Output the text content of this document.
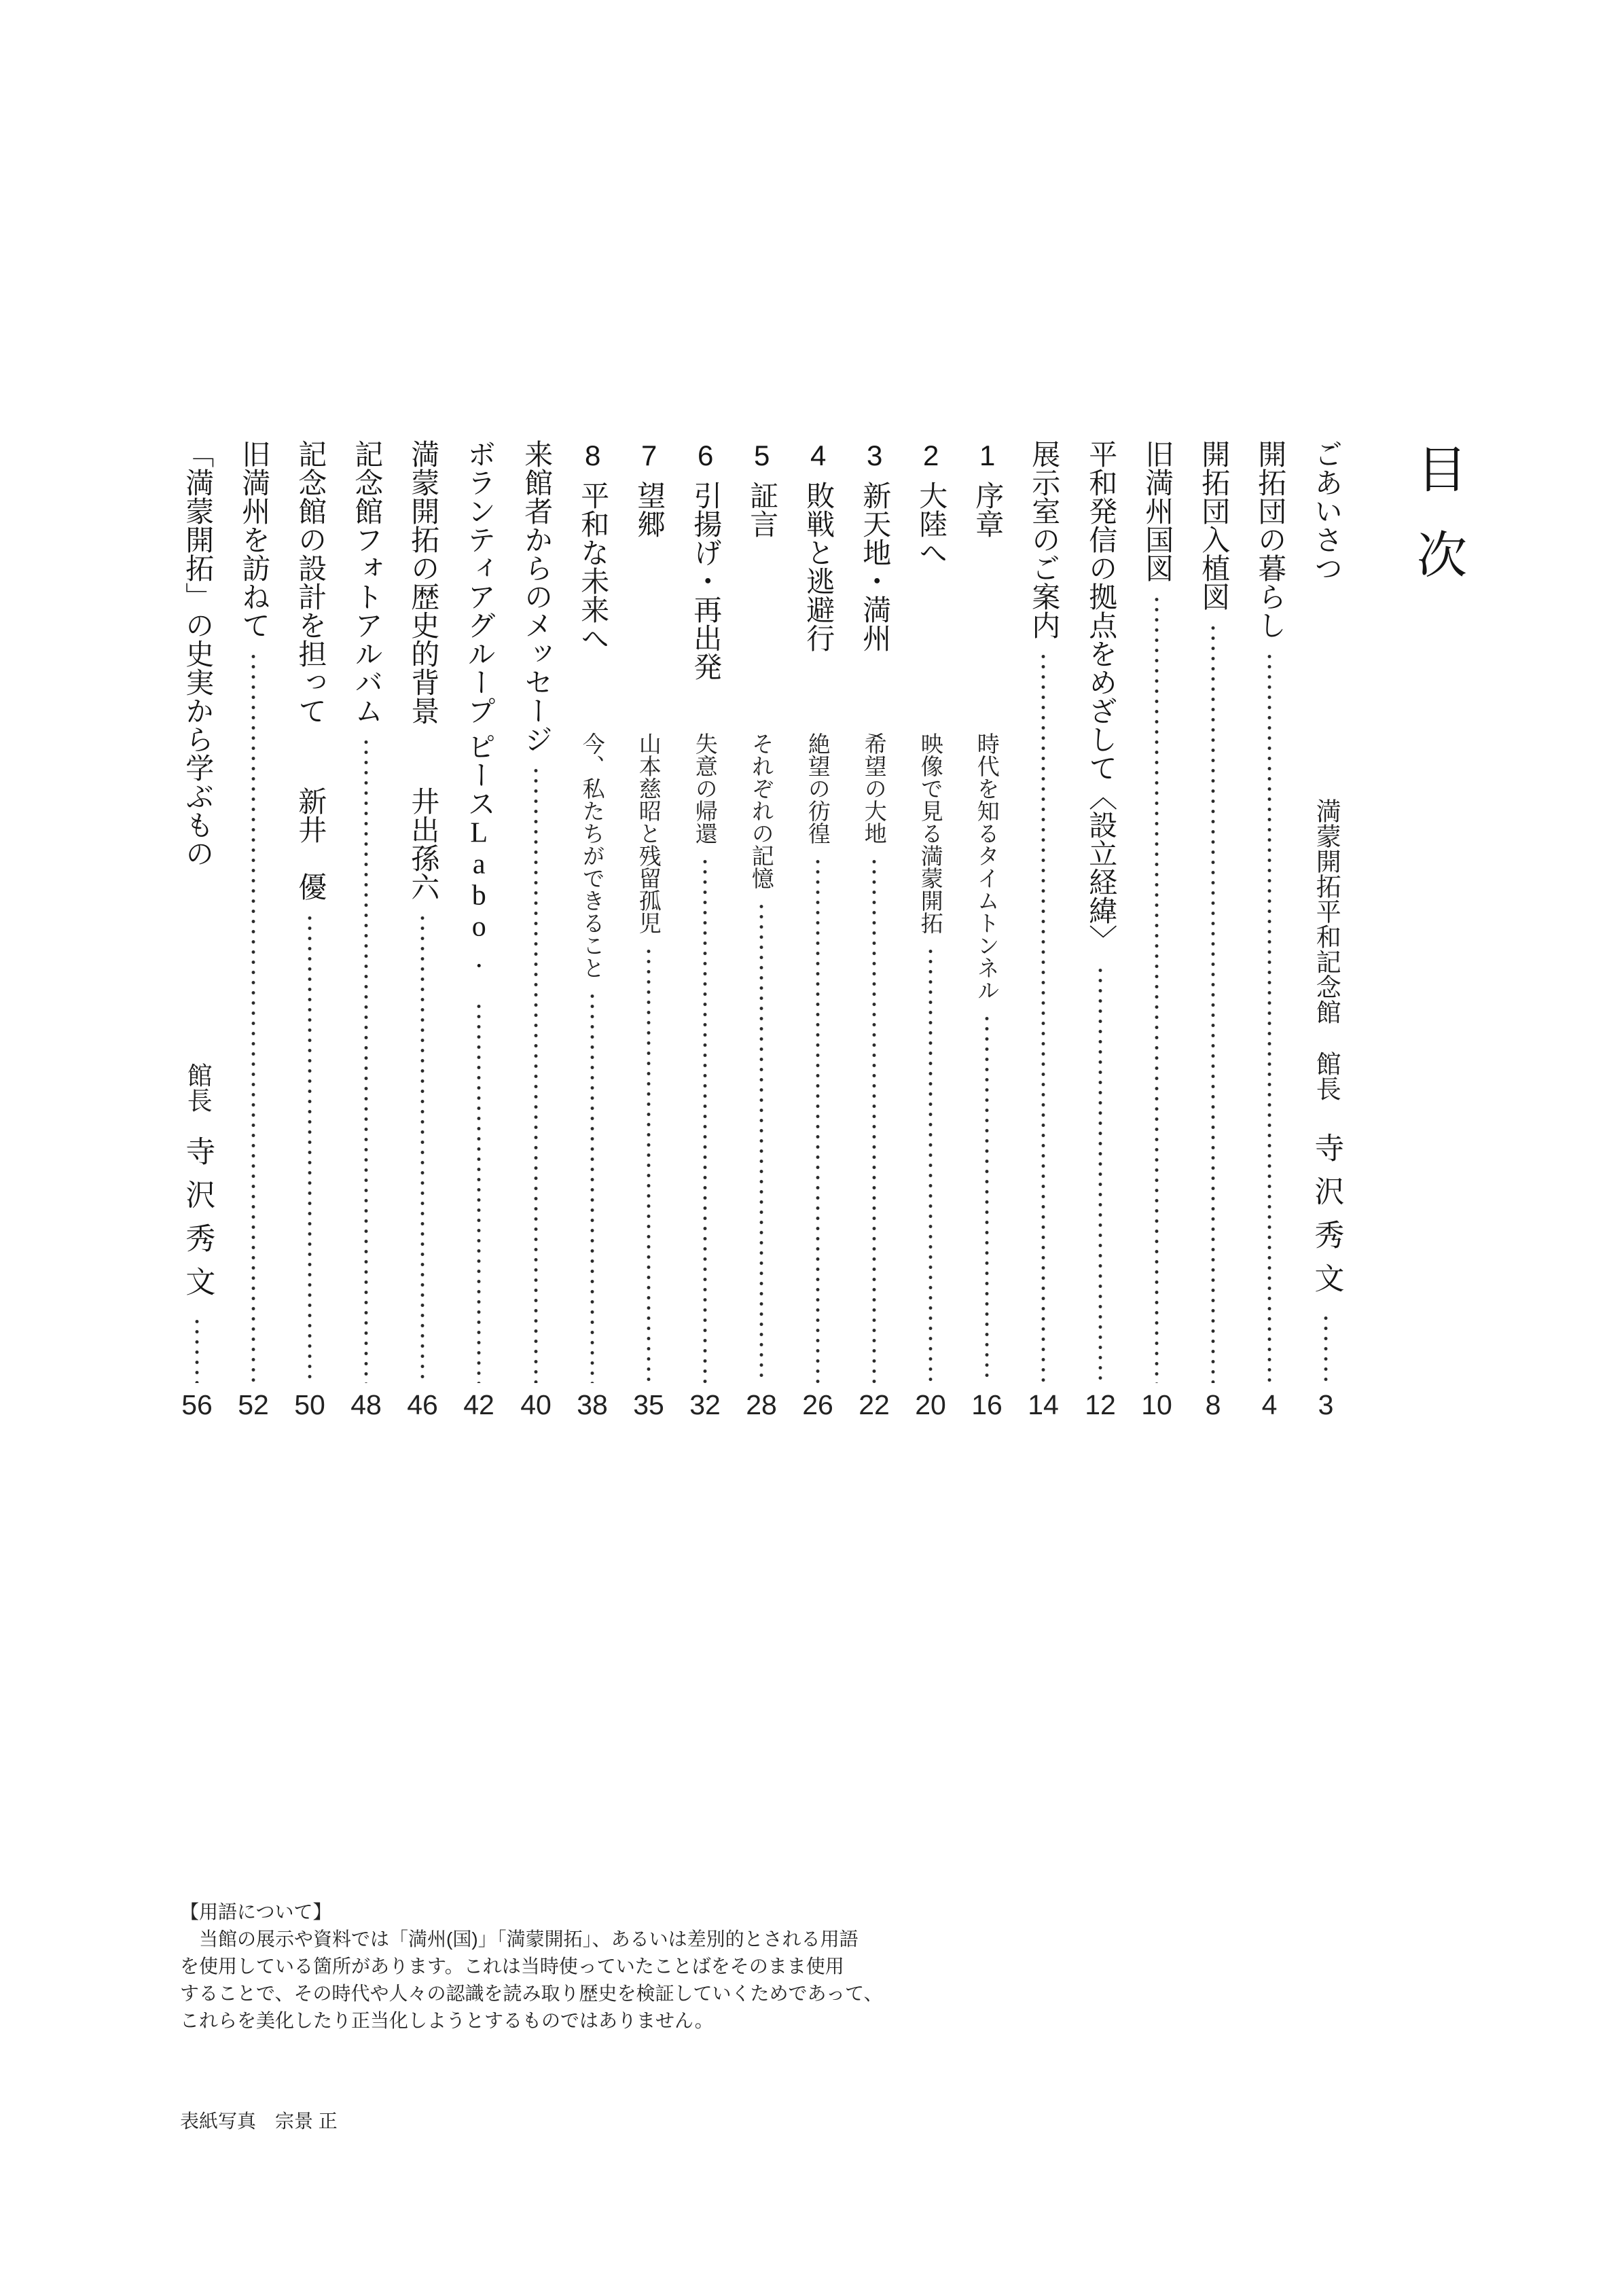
目次
ごあいさつ
満蒙開拓平和記念館
館長
寺沢秀文
3
開拓団の暮らし
4
開拓団入植図
8
旧満州国図
10
平和発信の拠点をめざして〈設立経緯〉
12
展示室のご案内
14
1序章
時代を知るタイムトンネル
16
2大陸へ
映像で見る満蒙開拓
20
3新天地・満州
希望の大地
22
4敗戦と逃避行
絶望の彷徨
26
5証言
それぞれの記憶
28
6引揚げ・再出発
失意の帰還
32
7望郷
山本慈昭と残留孤児
35
8平和な未来へ
今、私たちができること
38
来館者からのメッセージ
40
ボランティアグループ ピースLabo.
42
満蒙開拓の歴史的背景
井出孫六
46
記念館フォトアルバム
48
記念館の設計を担って
新井　優
50
旧満州を訪ねて
52
「満蒙開拓」の史実から学ぶもの
館長
寺沢秀文
56
【用語について】
当館の展示や資料では「満州(国)」「満蒙開拓」、あるいは差別的とされる用語
を使用している箇所があります。これは当時使っていたことばをそのまま使用
することで、その時代や人々の認識を読み取り歴史を検証していくためであって、
これらを美化したり正当化しようとするものではありません。
表紙写真　宗景 正
